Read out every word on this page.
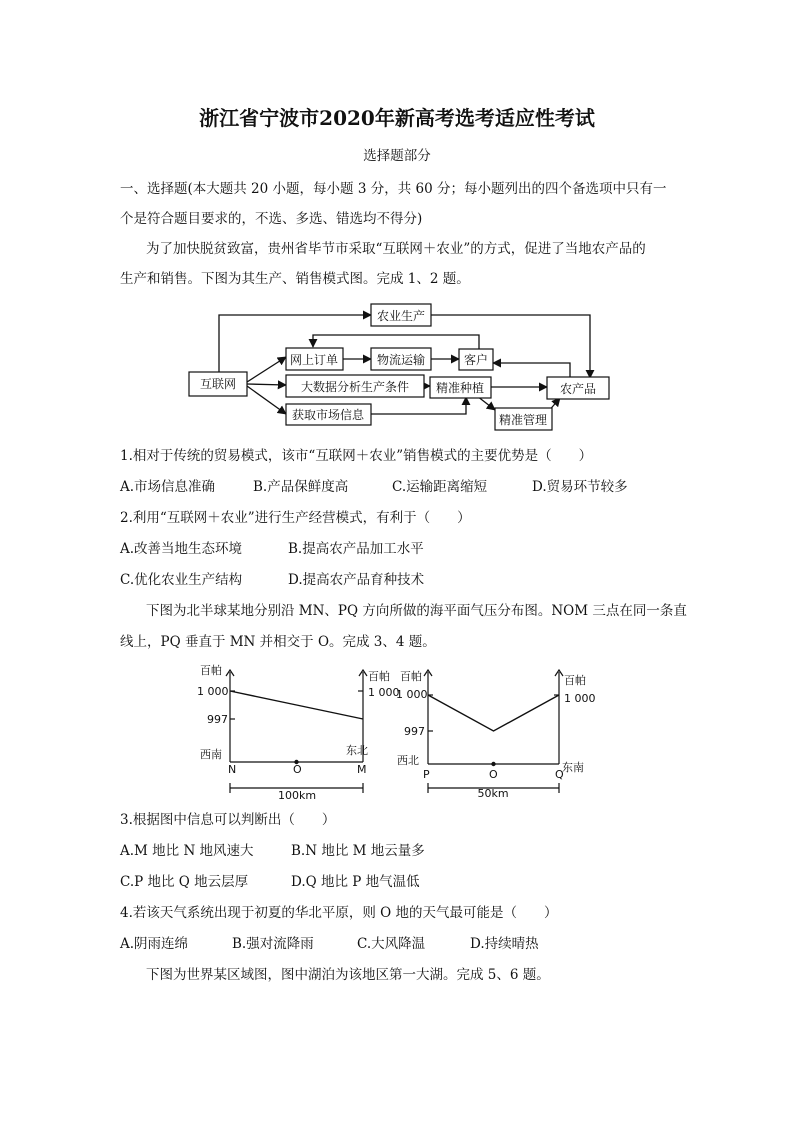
浙江省宁波市2020年新高考选考适应性考试
选择题部分
一、选择题(本大题共 20 小题，每小题 3 分，共 60 分；每小题列出的四个备选项中只有一
个是符合题目要求的，不选、多选、错选均不得分)
为了加快脱贫致富，贵州省毕节市采取“互联网＋农业”的方式，促进了当地农产品的
生产和销售。下图为其生产、销售模式图。完成 1、2 题。
互联网
农业生产
网上订单	物流运输	客户
大数据分析生产条件 精准种植	农产品
获取市场信息	精准管理
1.相对于传统的贸易模式，该市“互联网＋农业”销售模式的主要优势是（　　）
A.市场信息准确	B.产品保鲜度高	C.运输距离缩短	D.贸易环节较多
2.利用“互联网＋农业”进行生产经营模式，有利于（　　）
A.改善当地生态环境	B.提高农产品加工水平
C.优化农业生产结构	D.提高农产品育种技术
下图为北半球某地分别沿 MN、PQ 方向所做的海平面气压分布图。NOM 三点在同一条直
线上，PQ 垂直于 MN 并相交于 O。完成 3、4 题。
百帕
1 000
997
西南
百帕
1 000
东北
N	O	M
100km
百帕
1 000
997
西北
百帕
1 000
东南
P	O	Q
50km
3.根据图中信息可以判断出（　　）
A.M 地比 N 地风速大	B.N 地比 M 地云量多
C.P 地比 Q 地云层厚	D.Q 地比 P 地气温低
4.若该天气系统出现于初夏的华北平原，则 O 地的天气最可能是（　　）
A.阴雨连绵	B.强对流降雨	C.大风降温	D.持续晴热
下图为世界某区域图，图中湖泊为该地区第一大湖。完成 5、6 题。
